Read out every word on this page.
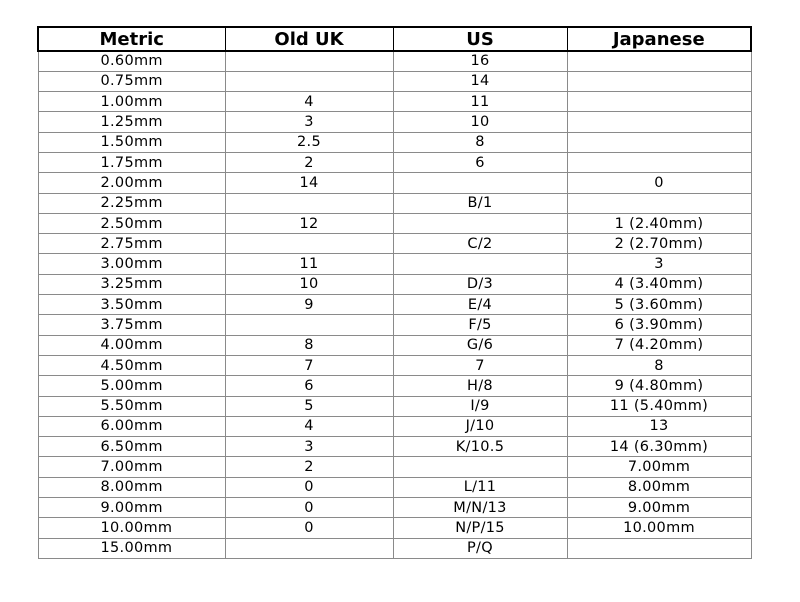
Metric	Old UK	US	Japanese
0.60mm		16	
0.75mm		14	
1.00mm	4	11	
1.25mm	3	10	
1.50mm	2.5	8	
1.75mm	2	6	
2.00mm	14		0
2.25mm		B/1	
2.50mm	12		1 (2.40mm)
2.75mm		C/2	2 (2.70mm)
3.00mm	11		3
3.25mm	10	D/3	4 (3.40mm)
3.50mm	9	E/4	5 (3.60mm)
3.75mm		F/5	6 (3.90mm)
4.00mm	8	G/6	7 (4.20mm)
4.50mm	7	7	8
5.00mm	6	H/8	9 (4.80mm)
5.50mm	5	I/9	11 (5.40mm)
6.00mm	4	J/10	13
6.50mm	3	K/10.5	14 (6.30mm)
7.00mm	2		7.00mm
8.00mm	0	L/11	8.00mm
9.00mm	0	M/N/13	9.00mm
10.00mm	0	N/P/15	10.00mm
15.00mm		P/Q	
